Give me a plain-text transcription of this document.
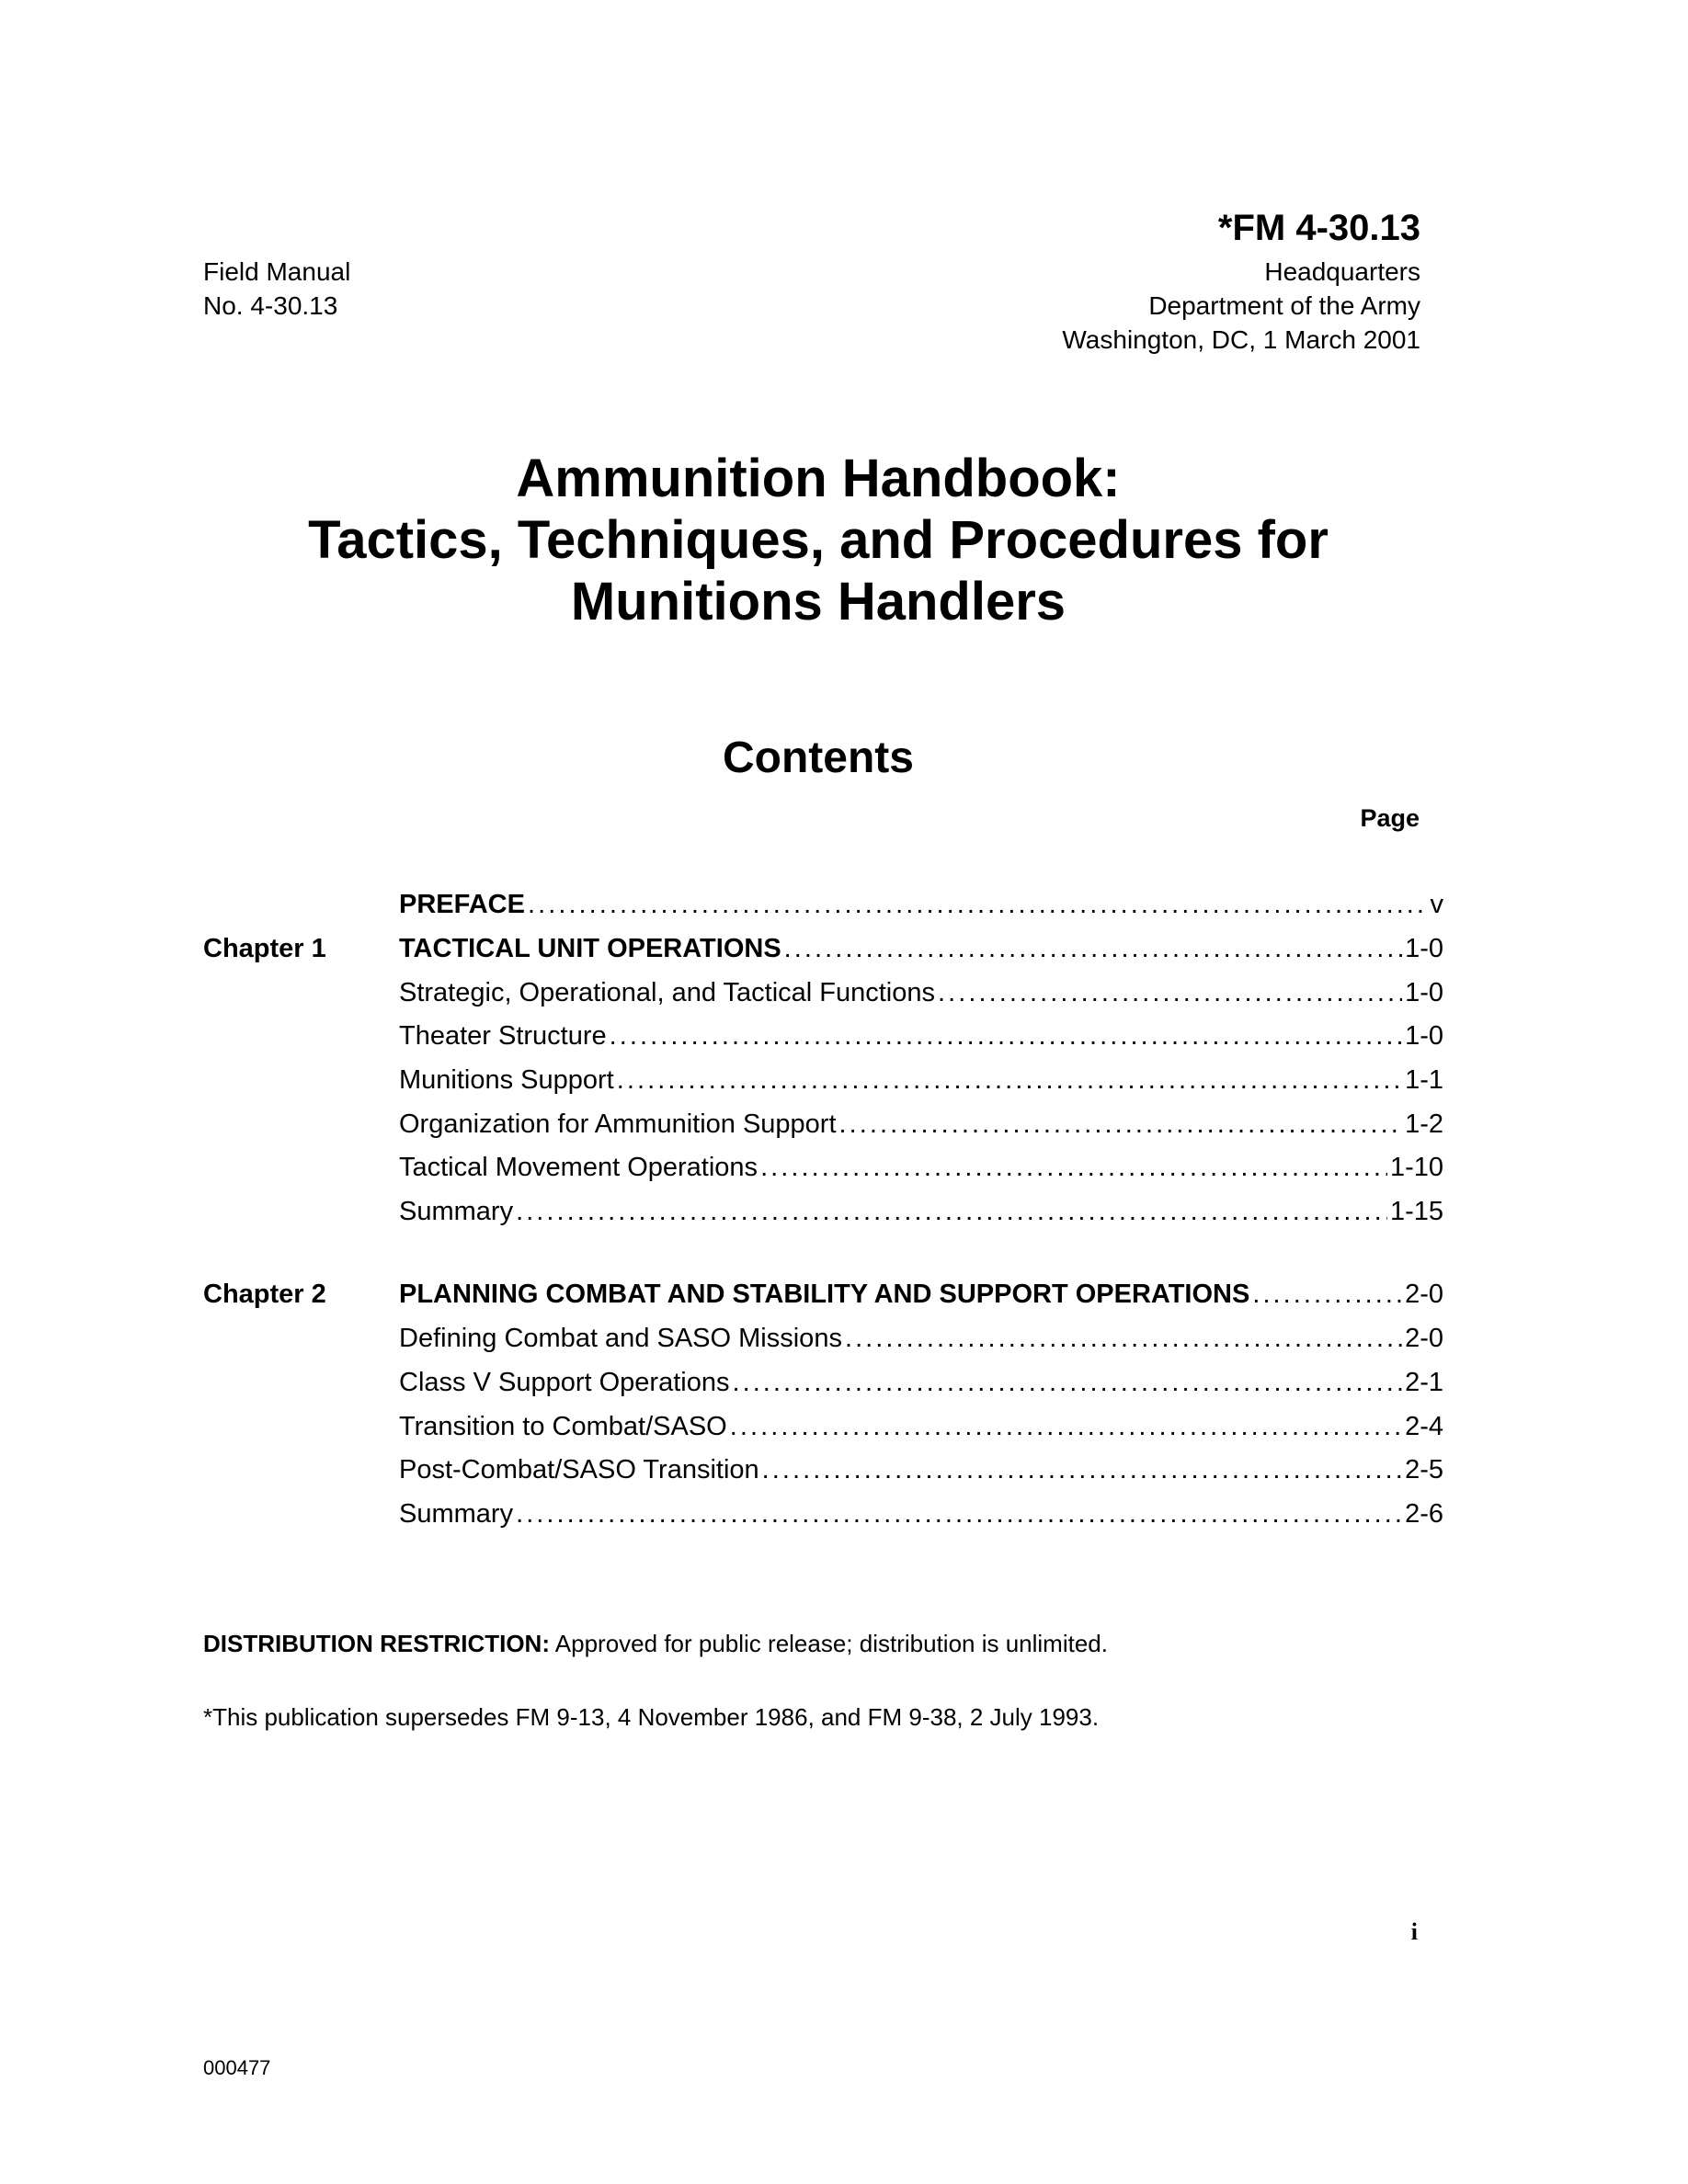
*FM 4-30.13
Field Manual
No. 4-30.13
Headquarters
Department of the Army
Washington, DC, 1 March 2001
Ammunition Handbook:
Tactics, Techniques, and Procedures for
Munitions Handlers
Contents
Page
PREFACE . . .	v
Chapter 1	TACTICAL UNIT OPERATIONS . . .	1-0
Strategic, Operational, and Tactical Functions . . .	1-0
Theater Structure . . .	1-0
Munitions Support . . .	1-1
Organization for Ammunition Support . . .	1-2
Tactical Movement Operations . . .	1-10
Summary . . .	1-15
Chapter 2	PLANNING COMBAT AND STABILITY AND SUPPORT OPERATIONS . . .	2-0
Defining Combat and SASO Missions . . .	2-0
Class V Support Operations . . .	2-1
Transition to Combat/SASO . . .	2-4
Post-Combat/SASO Transition . . .	2-5
Summary . . .	2-6
DISTRIBUTION RESTRICTION: Approved for public release; distribution is unlimited.
*This publication supersedes FM 9-13, 4 November 1986, and FM 9-38, 2 July 1993.
i
000477
